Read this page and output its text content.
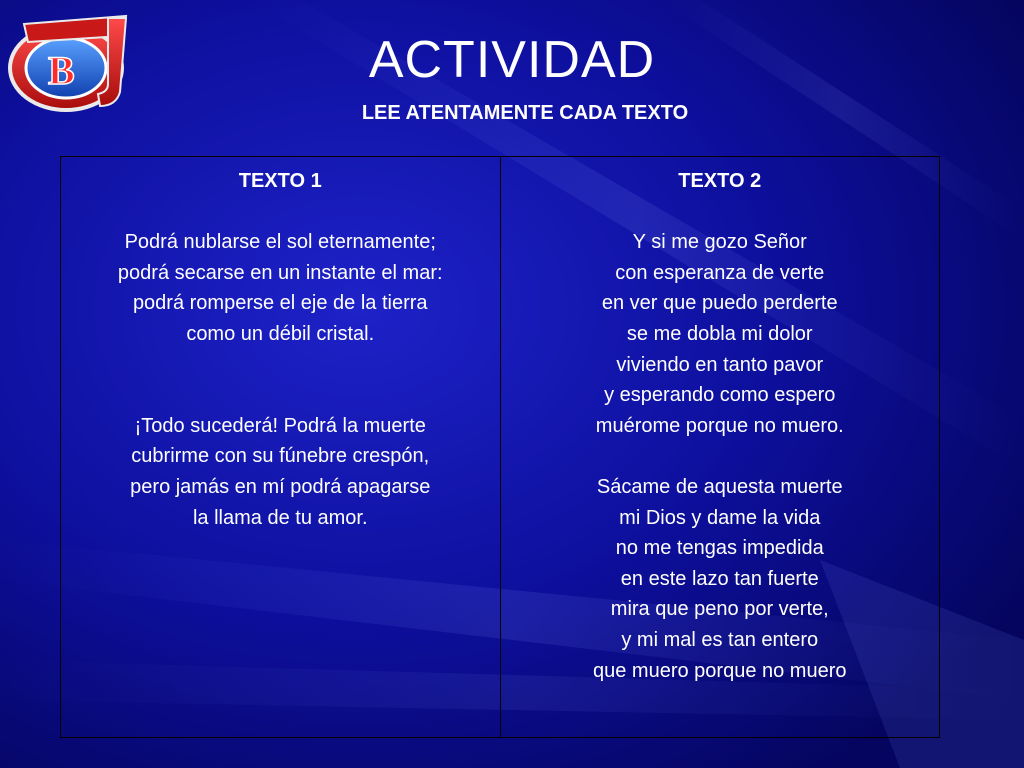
B	ACTIVIDAD
LEE ATENTAMENTE CADA TEXTO
TEXTO 1
Podrá nublarse el sol eternamente;
podrá secarse en un instante el mar:
podrá romperse el eje de la tierra
como un débil cristal.
¡Todo sucederá! Podrá la muerte
cubrirme con su fúnebre crespón,
pero jamás en mí podrá apagarse
la llama de tu amor.
TEXTO 2
Y si me gozo Señor
con esperanza de verte
en ver que puedo perderte
se me dobla mi dolor
viviendo en tanto pavor
y esperando como espero
muérome porque no muero.
Sácame de aquesta muerte
mi Dios y dame la vida
no me tengas impedida
en este lazo tan fuerte
mira que peno por verte,
y mi mal es tan entero
que muero porque no muero
